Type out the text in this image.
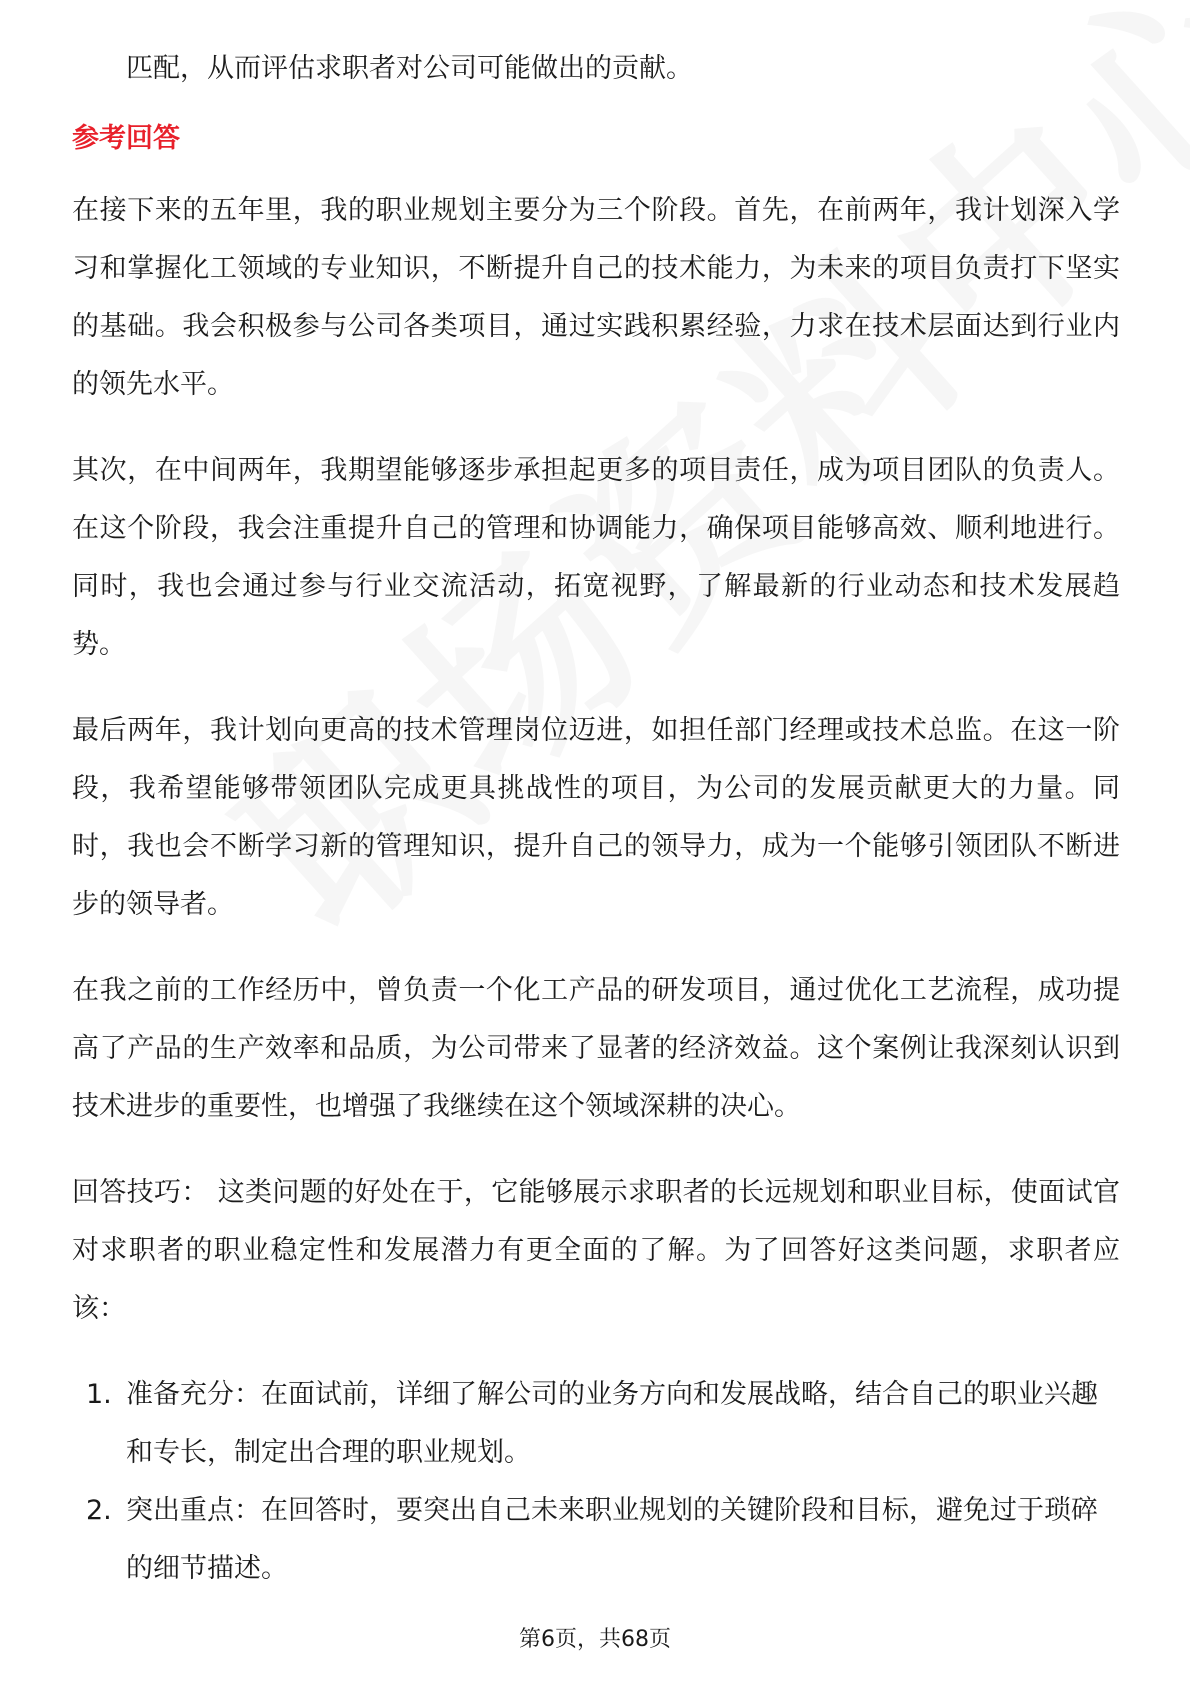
匹配，从而评估求职者对公司可能做出的贡献。

参考回答

在接下来的五年里，我的职业规划主要分为三个阶段。首先，在前两年，我计划深入学习和掌握化工领域的专业知识，不断提升自己的技术能力，为未来的项目负责打下坚实的基础。我会积极参与公司各类项目，通过实践积累经验，力求在技术层面达到行业内的领先水平。

其次，在中间两年，我期望能够逐步承担起更多的项目责任，成为项目团队的负责人。在这个阶段，我会注重提升自己的管理和协调能力，确保项目能够高效、顺利地进行。同时，我也会通过参与行业交流活动，拓宽视野，了解最新的行业动态和技术发展趋势。

最后两年，我计划向更高的技术管理岗位迈进，如担任部门经理或技术总监。在这一阶段，我希望能够带领团队完成更具挑战性的项目，为公司的发展贡献更大的力量。同时，我也会不断学习新的管理知识，提升自己的领导力，成为一个能够引领团队不断进步的领导者。

在我之前的工作经历中，曾负责一个化工产品的研发项目，通过优化工艺流程，成功提高了产品的生产效率和品质，为公司带来了显著的经济效益。这个案例让我深刻认识到技术进步的重要性，也增强了我继续在这个领域深耕的决心。

回答技巧： 这类问题的好处在于，它能够展示求职者的长远规划和职业目标，使面试官对求职者的职业稳定性和发展潜力有更全面的了解。为了回答好这类问题，求职者应该：

1. 准备充分：在面试前，详细了解公司的业务方向和发展战略，结合自己的职业兴趣和专长，制定出合理的职业规划。
2. 突出重点：在回答时，要突出自己未来职业规划的关键阶段和目标，避免过于琐碎的细节描述。
第6页，共68页
